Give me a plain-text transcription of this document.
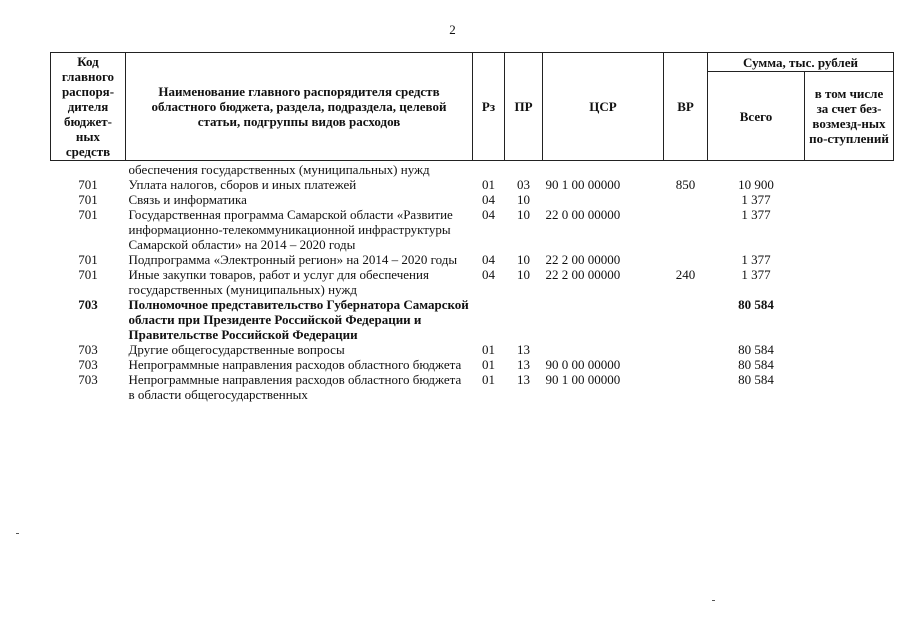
2
Код главного распоря-дителя бюджет-ных средств	Наименование главного распорядителя средств областного бюджета, раздела, подраздела, целевой статьи, подгруппы видов расходов	Рз	ПР	ЦСР	ВР	Сумма, тыс. рублей	
						Всего	в том числе за счет без-возмезд-ных по-ступлений
	обеспечения государственных (муниципальных) нужд						
701	Уплата налогов, сборов и иных платежей	01	03	90 1 00 00000	850	10 900	
701	Связь и информатика	04	10			1 377	
701	Государственная программа Самарской области «Развитие информационно-телекоммуникационной инфраструктуры Самарской области» на 2014 – 2020 годы	04	10	22 0 00 00000		1 377	
701	Подпрограмма «Электронный регион» на 2014 – 2020 годы	04	10	22 2 00 00000		1 377	
701	Иные закупки товаров, работ и услуг для обеспечения государственных (муниципальных) нужд	04	10	22 2 00 00000	240	1 377	
703	Полномочное представительство Губернатора Самарской области при Президенте Российской Федерации и Правительстве Российской Федерации					80 584	
703	Другие общегосударственные вопросы	01	13			80 584	
703	Непрограммные направления расходов областного бюджета	01	13	90 0 00 00000		80 584	
703	Непрограммные направления расходов областного бюджета в области общегосударственных	01	13	90 1 00 00000		80 584	
